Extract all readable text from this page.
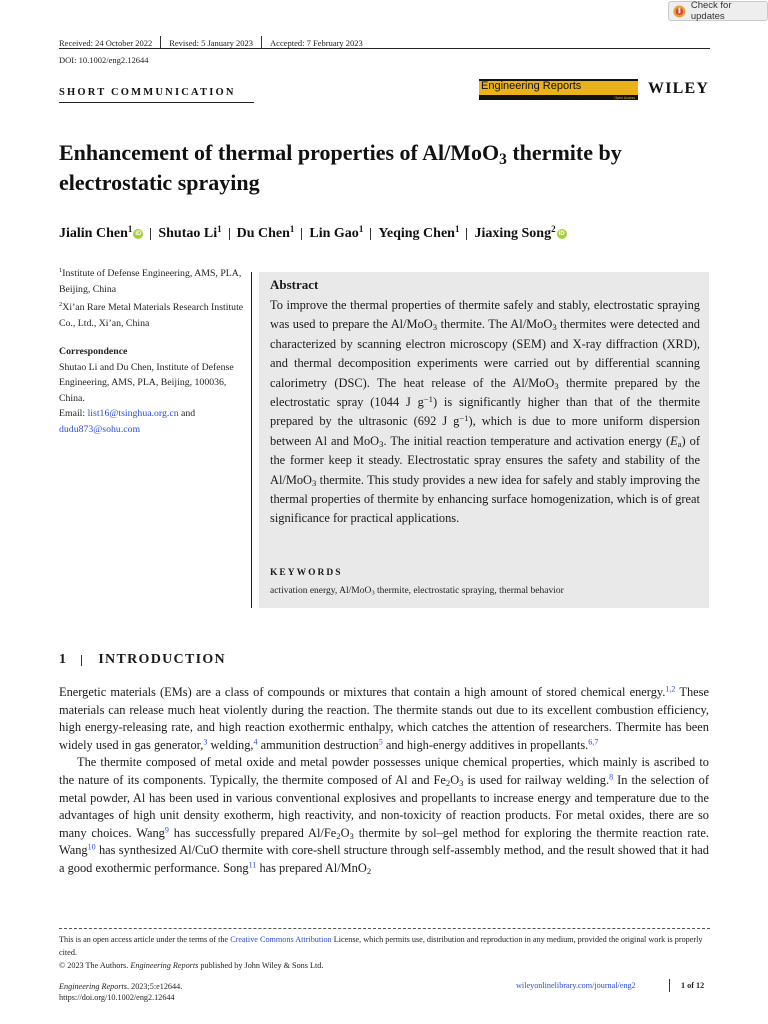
Check for updates
Received: 24 October 2022 Revised: 5 January 2023 Accepted: 7 February 2023
DOI: 10.1002/eng2.12644
SHORT COMMUNICATION
Engineering Reports
Open Access
WILEY
Enhancement of thermal properties of Al/MoO$_3$ thermite by electrostatic spraying
Jialin Chen$^1$ iD Shutao Li$^1$ Du Chen$^1$ Lin Gao$^1$ Yeqing Chen$^1$ Jiaxing Song$^2$ iD
$^1$Institute of Defense Engineering, AMS, PLA, Beijing, China
$^2$Xi’an Rare Metal Materials Research Institute Co., Ltd., Xi’an, China
Correspondence
Shutao Li and Du Chen, Institute of Defense Engineering, AMS, PLA, Beijing, 100036, China.
Email: list16@tsinghua.org.cn and
dudu873@sohu.com
Abstract
To improve the thermal properties of thermite safely and stably, electrostatic spraying was used to prepare the Al/MoO$_3$ thermite. The Al/MoO$_3$ thermites were detected and characterized by scanning electron microscopy (SEM) and X-ray diffraction (XRD), and thermal decomposition experiments were carried out by differential scanning calorimetry (DSC). The heat release of the Al/MoO$_3$ thermite prepared by the electrostatic spray (1044 J $g^{-1}$) is significantly higher than that of the thermite prepared by the ultrasonic (692 J $g^{-1}$), which is due to more uniform dispersion between Al and MoO$_3$. The initial reaction temperature and activation energy $(E_a)$ of the former keep it steady. Electrostatic spray ensures the safety and stability of the Al/MoO$_3$ thermite. This study provides a new idea for safely and stably improving the thermal properties of thermite by enhancing surface homogenization, which is of great significance for practical applications.
KEYWORDS
activation energy, Al/MoO$_3$ thermite, electrostatic spraying, thermal behavior
1 INTRODUCTION

Energetic materials (EMs) are a class of compounds or mixtures that contain a high amount of stored chemical energy.$^{1,2}$ These materials can release much heat violently during the reaction. The thermite stands out due to its excellent combustion efficiency, high energy-releasing rate, and high reaction exothermic enthalpy, which catches the attention of researchers. Thermite has been widely used in gas generator,$^3$ welding,$^4$ ammunition destruction$^5$ and high-energy additives in propellants.$^{6,7}$

The thermite composed of metal oxide and metal powder possesses unique chemical properties, which mainly is ascribed to the nature of its components. Typically, the thermite composed of Al and $Fe_2O_3$ is used for railway welding.$^8$ In the selection of metal powder, Al has been used in various conventional explosives and propellants to increase energy and temperature due to the advantages of high unit density exotherm, high reactivity, and non-toxicity of reaction products. For metal oxides, there are so many choices. Wang$^9$ has successfully prepared $Al/Fe_2O_3$ thermite by sol–gel method for exploring the thermite reaction rate. Wang$^{10}$ has synthesized Al/CuO thermite with core-shell structure through self-assembly method, and the result showed that it had a good exothermic performance. Song$^{11}$ has prepared Al/MnO$_2$

This is an open access article under the terms of the Creative Commons Attribution License, which permits use, distribution and reproduction in any medium, provided the original work is properly cited.
© 2023 The Authors. Engineering Reports published by John Wiley & Sons Ltd.
Engineering Reports. 2023;5:e12644.
https://doi.org/10.1002/eng2.12644
wileyonlinelibrary.com/journal/eng2	1 of 12
